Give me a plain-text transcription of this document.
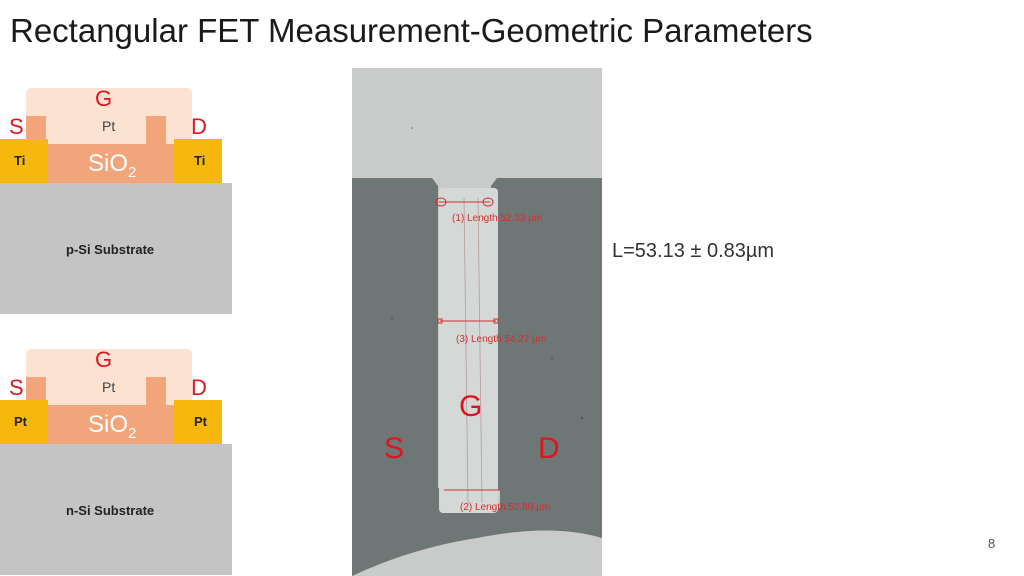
Rectangular FET Measurement-Geometric Parameters
Pt
SiO$_2$
Ti	Ti
p-Si Substrate
G
S	D
Pt
SiO$_2$
Pt	Pt
n-Si Substrate
G
S	D
(1) Length 52.33 µm
(3) Length 54.27 µm
(2) Length 52.80 µm
G
S	D
L=53.13 ± 0.83µm
8
